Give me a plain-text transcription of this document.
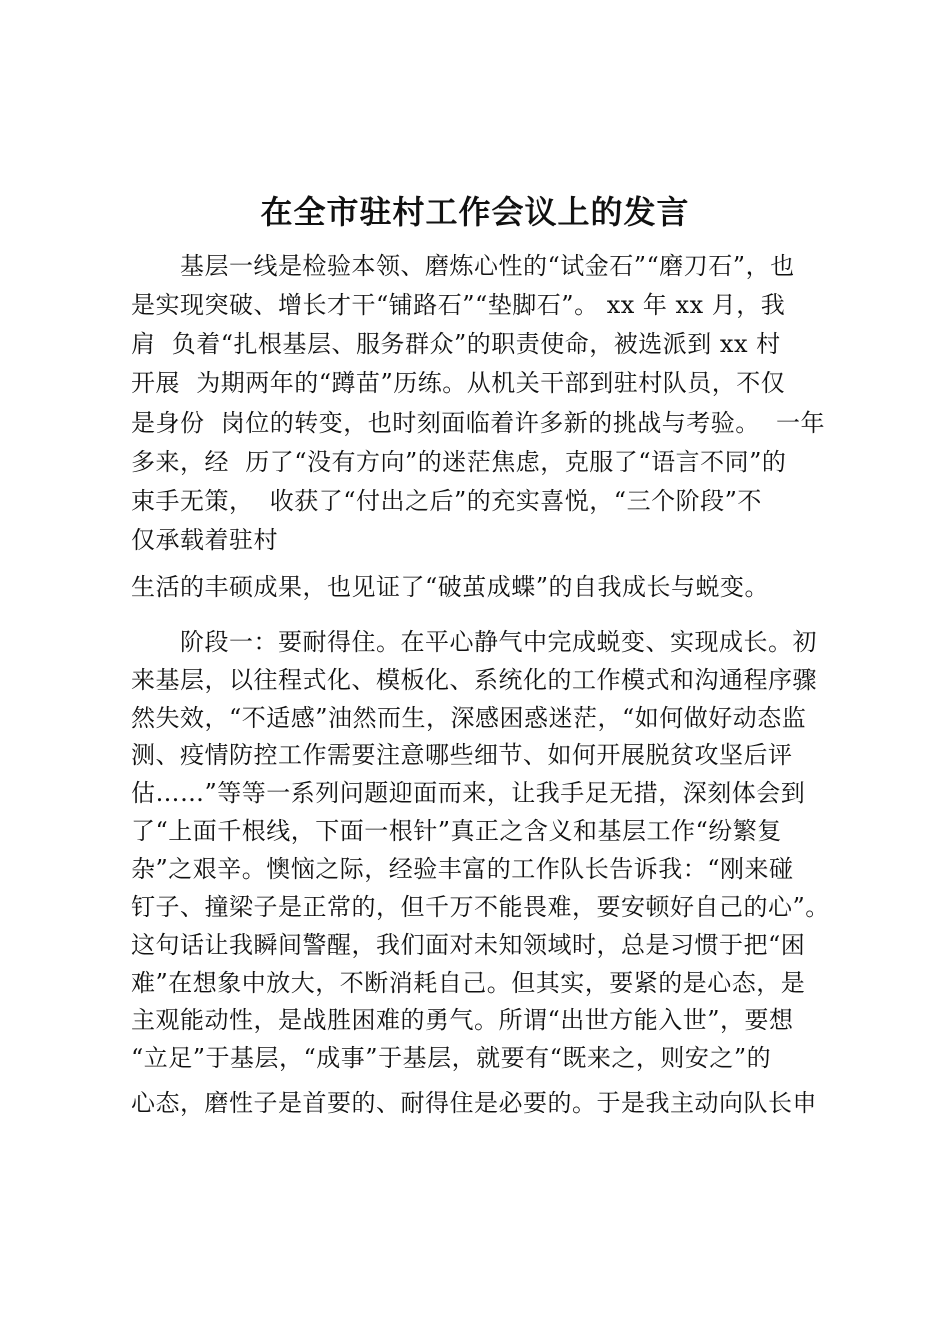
在全市驻村工作会议上的发言

　　基层一线是检验本领、磨炼心性的“试金石”“磨刀石”，也

是实现突破、增长才干“铺路石”“垫脚石”。 xx 年 xx 月，我

肩  负着“扎根基层、服务群众”的职责使命，被选派到 xx 村

开展  为期两年的“蹲苗”历练。从机关干部到驻村队员，不仅

是身份  岗位的转变，也时刻面临着许多新的挑战与考验。  一年

多来，经  历了“没有方向”的迷茫焦虑，克服了“语言不同”的

束手无策，  收获了“付出之后”的充实喜悦，“三个阶段”不

仅承载着驻村

生活的丰硕成果，也见证了“破茧成蝶”的自我成长与蜕变。

　　阶段一：要耐得住。在平心静气中完成蜕变、实现成长。初

来基层，以往程式化、模板化、系统化的工作模式和沟通程序骤

然失效，“不适感”油然而生，深感困惑迷茫，“如何做好动态监

测、疫情防控工作需要注意哪些细节、如何开展脱贫攻坚后评

估……”等等一系列问题迎面而来，让我手足无措，深刻体会到

了“上面千根线，下面一根针”真正之含义和基层工作“纷繁复

杂”之艰辛。懊恼之际，经验丰富的工作队长告诉我：“刚来碰

钉子、撞梁子是正常的，但千万不能畏难，要安顿好自己的心”。

这句话让我瞬间警醒，我们面对未知领域时，总是习惯于把“困

难”在想象中放大，不断消耗自己。但其实，要紧的是心态，是

主观能动性，是战胜困难的勇气。所谓“出世方能入世”，要想

“立足”于基层，“成事”于基层，就要有“既来之，则安之”的

心态，磨性子是首要的、耐得住是必要的。于是我主动向队长申
